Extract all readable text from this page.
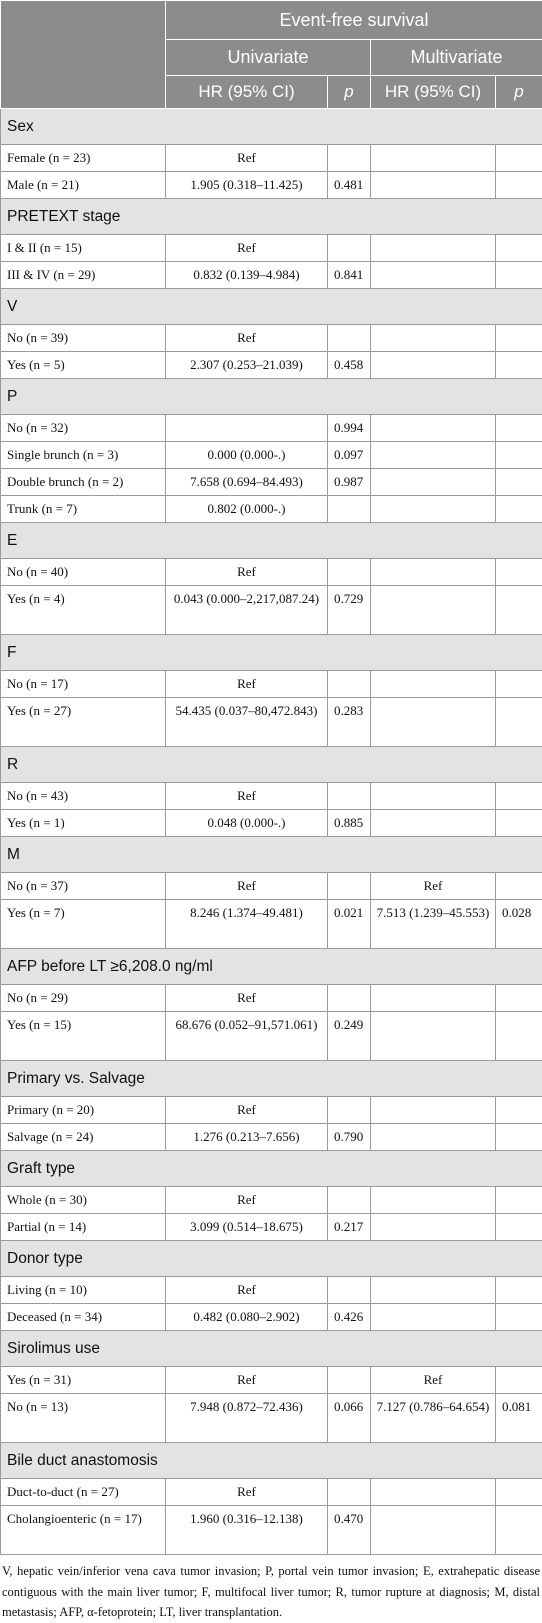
	Event-free survival			
	Univariate		Multivariate	
	HR (95% CI)	p	HR (95% CI)	p
Sex				
Female (n = 23)	Ref			
Male (n = 21)	1.905 (0.318–11.425)	0.481		
PRETEXT stage				
I & II (n = 15)	Ref			
III & IV (n = 29)	0.832 (0.139–4.984)	0.841		
V				
No (n = 39)	Ref			
Yes (n = 5)	2.307 (0.253–21.039)	0.458		
P				
No (n = 32)		0.994		
Single brunch (n = 3)	0.000 (0.000-.)	0.097		
Double brunch (n = 2)	7.658 (0.694–84.493)	0.987		
Trunk (n = 7)	0.802 (0.000-.)			
E				
No (n = 40)	Ref			
Yes (n = 4)	0.043 (0.000–2,217,087.24)	0.729		
F				
No (n = 17)	Ref			
Yes (n = 27)	54.435 (0.037–80,472.843)	0.283		
R				
No (n = 43)	Ref			
Yes (n = 1)	0.048 (0.000-.)	0.885		
M				
No (n = 37)	Ref		Ref	
Yes (n = 7)	8.246 (1.374–49.481)	0.021	7.513 (1.239–45.553)	0.028
AFP before LT ≥6,208.0 ng/ml				
No (n = 29)	Ref			
Yes (n = 15)	68.676 (0.052–91,571.061)	0.249		
Primary vs. Salvage				
Primary (n = 20)	Ref			
Salvage (n = 24)	1.276 (0.213–7.656)	0.790		
Graft type				
Whole (n = 30)	Ref			
Partial (n = 14)	3.099 (0.514–18.675)	0.217		
Donor type				
Living (n = 10)	Ref			
Deceased (n = 34)	0.482 (0.080–2.902)	0.426		
Sirolimus use				
Yes (n = 31)	Ref		Ref	
No (n = 13)	7.948 (0.872–72.436)	0.066	7.127 (0.786–64.654)	0.081
Bile duct anastomosis				
Duct-to-duct (n = 27)	Ref			
Cholangioenteric (n = 17)	1.960 (0.316–12.138)	0.470		
V, hepatic vein/inferior vena cava tumor invasion; P, portal vein tumor invasion; E, extrahepatic disease contiguous with the main liver tumor; F, multifocal liver tumor; R, tumor rupture at diagnosis; M, distal metastasis; AFP, α-fetoprotein; LT, liver transplantation.
